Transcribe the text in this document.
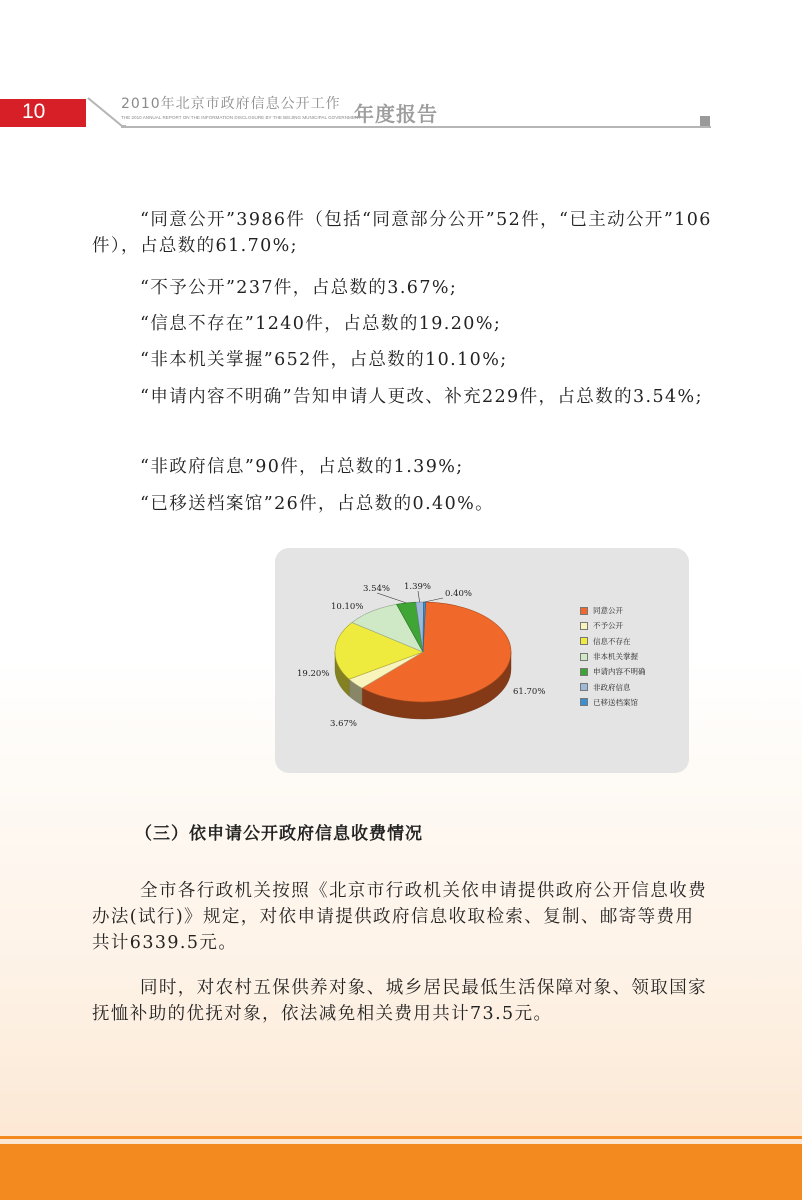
10	2010年北京市政府信息公开工作
THE 2010 ANNUAL REPORT ON THE INFORMATION DISCLOSURE BY THE BEIJING MUNICIPAL GOVERNMENT
年度报告

“同意公开”3986件（包括“同意部分公开”52件，“已主动公开”106件），占总数的61.70%;

“不予公开”237件，占总数的3.67%;

“信息不存在”1240件，占总数的19.20%;

“非本机关掌握”652件，占总数的10.10%;

“申请内容不明确”告知申请人更改、补充229件，占总数的3.54%;

“非政府信息”90件，占总数的1.39%;

“已移送档案馆”26件，占总数的0.40%。

61.70%
3.67%
19.20%
10.10%
3.54% 1.39%
0.40%
同意公开
不予公开
信息不存在
非本机关掌握
申请内容不明确
非政府信息
已移送档案馆
（三）依申请公开政府信息收费情况

全市各行政机关按照《北京市行政机关依申请提供政府公开信息收费办法(试行)》规定，对依申请提供政府信息收取检索、复制、邮寄等费用共计6339.5元。

同时，对农村五保供养对象、城乡居民最低生活保障对象、领取国家抚恤补助的优抚对象，依法减免相关费用共计73.5元。
